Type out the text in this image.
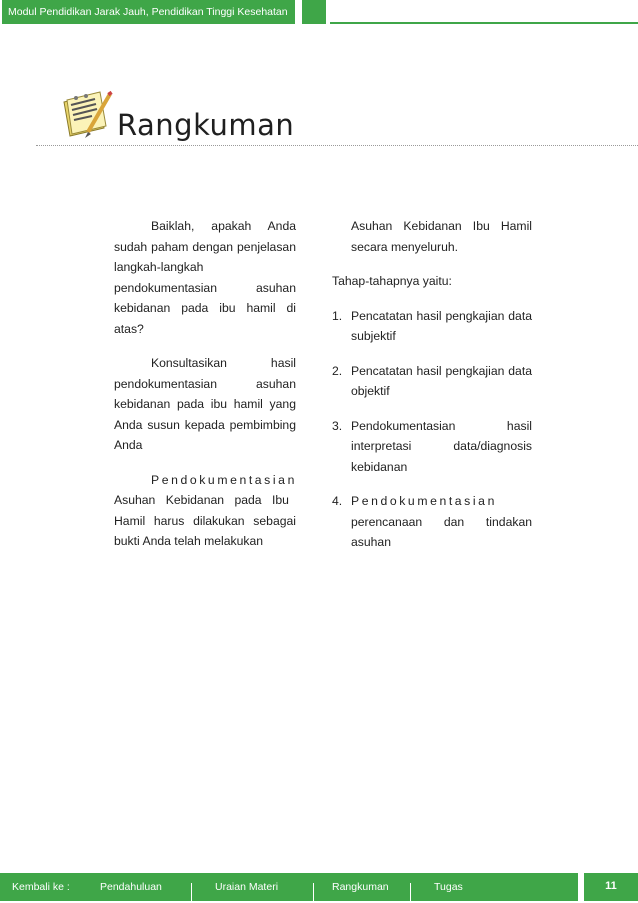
Modul Pendidikan Jarak Jauh, Pendidikan Tinggi Kesehatan
Rangkuman

Baiklah, apakah Anda sudah paham dengan penjelasan langkah-langkah pendokumentasian asuhan kebidanan pada ibu hamil di atas?

Konsultasikan hasil pendokumentasian asuhan kebidanan pada ibu hamil yang Anda susun kepada pembimbing Anda

Pendokumentasian Asuhan Kebidanan pada Ibu Hamil harus dilakukan sebagai bukti Anda telah melakukan

Asuhan Kebidanan Ibu Hamil secara menyeluruh.

Tahap-tahapnya yaitu:

1. Pencatatan hasil pengkajian data subjektif
2. Pencatatan hasil pengkajian data objektif
3. Pendokumentasian hasil interpretasi data/diagnosis kebidanan
4. Pendokumentasian perencanaan dan tindakan asuhan
Kembali ke :	Pendahuluan	Uraian Materi	Rangkuman	Tugas	11
